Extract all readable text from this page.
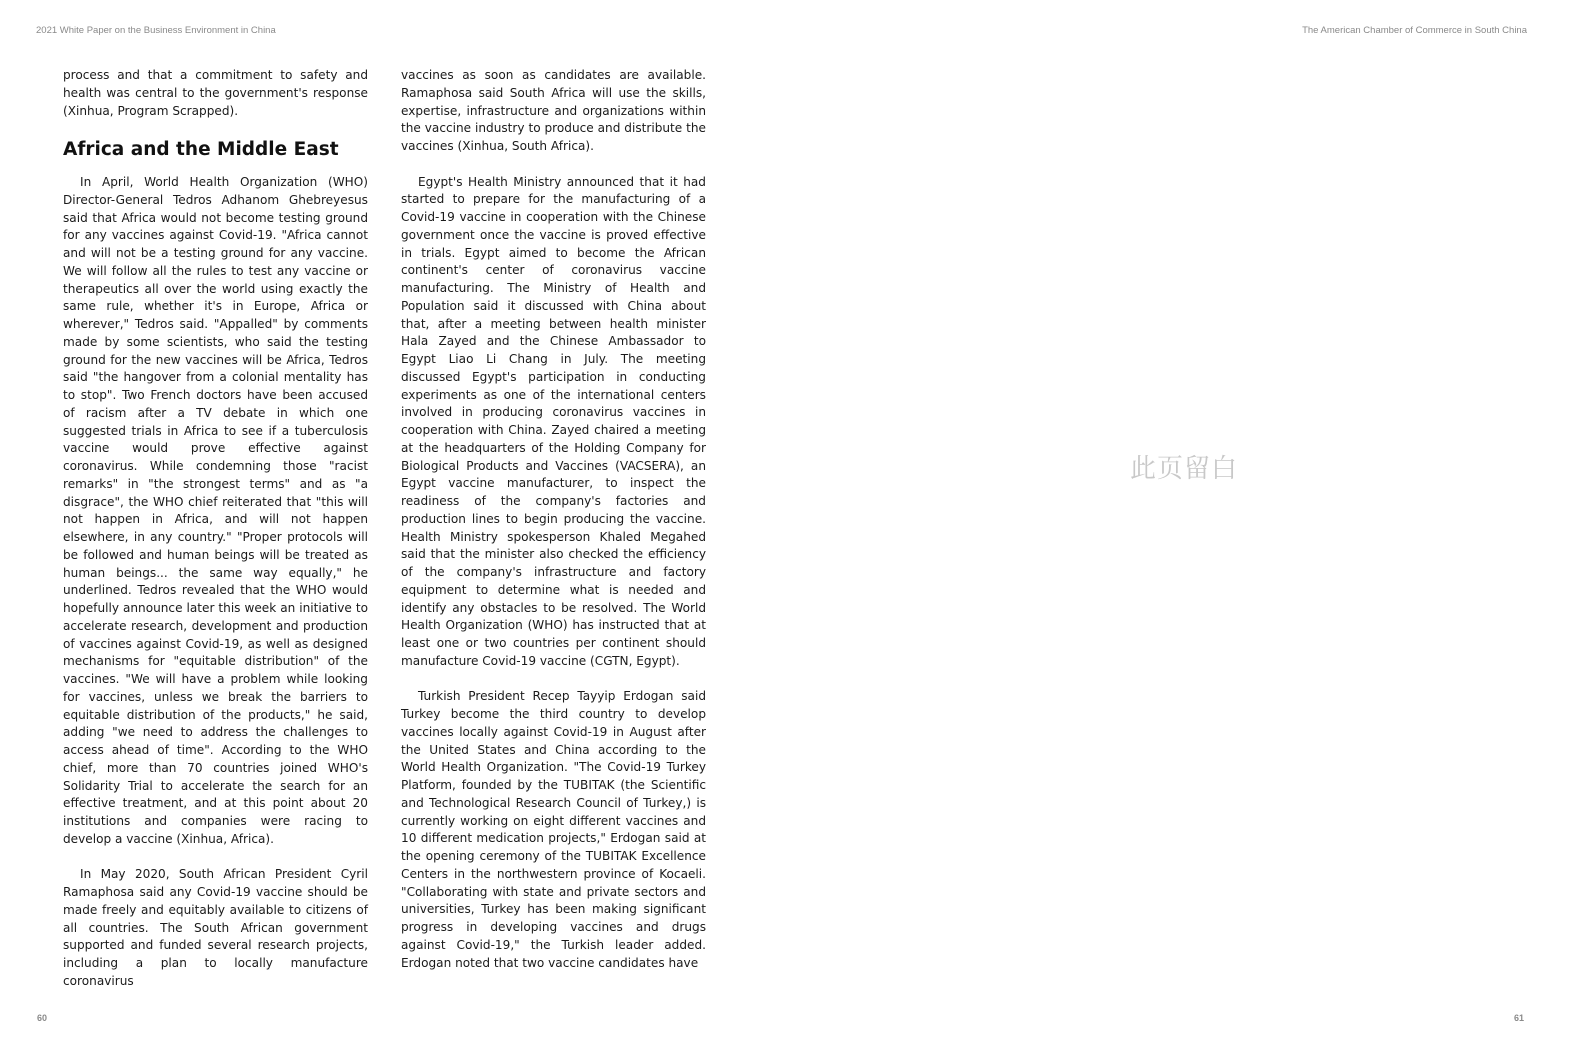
2021 White Paper on the Business Environment in China	The American Chamber of Commerce in South China

process and that a commitment to safety and health was central to the government's response (Xinhua, Program Scrapped).

Africa and the Middle East

In April, World Health Organization (WHO) Director-General Tedros Adhanom Ghebreyesus said that Africa would not become testing ground for any vaccines against Covid-19. "Africa cannot and will not be a testing ground for any vaccine. We will follow all the rules to test any vaccine or therapeutics all over the world using exactly the same rule, whether it's in Europe, Africa or wherever," Tedros said. "Appalled" by comments made by some scientists, who said the testing ground for the new vaccines will be Africa, Tedros said "the hangover from a colonial mentality has to stop". Two French doctors have been accused of racism after a TV debate in which one suggested trials in Africa to see if a tuberculosis vaccine would prove effective against coronavirus. While condemning those "racist remarks" in "the strongest terms" and as "a disgrace", the WHO chief reiterated that "this will not happen in Africa, and will not happen elsewhere, in any country." "Proper protocols will be followed and human beings will be treated as human beings... the same way equally," he underlined. Tedros revealed that the WHO would hopefully announce later this week an initiative to accelerate research, development and production of vaccines against Covid-19, as well as designed mechanisms for "equitable distribution" of the vaccines. "We will have a problem while looking for vaccines, unless we break the barriers to equitable distribution of the products," he said, adding "we need to address the challenges to access ahead of time". According to the WHO chief, more than 70 countries joined WHO's Solidarity Trial to accelerate the search for an effective treatment, and at this point about 20 institutions and companies were racing to develop a vaccine (Xinhua, Africa).

In May 2020, South African President Cyril Ramaphosa said any Covid-19 vaccine should be made freely and equitably available to citizens of all countries. The South African government supported and funded several research projects, including a plan to locally manufacture coronavirus

vaccines as soon as candidates are available. Ramaphosa said South Africa will use the skills, expertise, infrastructure and organizations within the vaccine industry to produce and distribute the vaccines (Xinhua, South Africa).

Egypt's Health Ministry announced that it had started to prepare for the manufacturing of a Covid-19 vaccine in cooperation with the Chinese government once the vaccine is proved effective in trials. Egypt aimed to become the African continent's center of coronavirus vaccine manufacturing. The Ministry of Health and Population said it discussed with China about that, after a meeting between health minister Hala Zayed and the Chinese Ambassador to Egypt Liao Li Chang in July. The meeting discussed Egypt's participation in conducting experiments as one of the international centers involved in producing coronavirus vaccines in cooperation with China. Zayed chaired a meeting at the headquarters of the Holding Company for Biological Products and Vaccines (VACSERA), an Egypt vaccine manufacturer, to inspect the readiness of the company's factories and production lines to begin producing the vaccine. Health Ministry spokesperson Khaled Megahed said that the minister also checked the efficiency of the company's infrastructure and factory equipment to determine what is needed and identify any obstacles to be resolved. The World Health Organization (WHO) has instructed that at least one or two countries per continent should manufacture Covid-19 vaccine (CGTN, Egypt).

Turkish President Recep Tayyip Erdogan said Turkey become the third country to develop vaccines locally against Covid-19 in August after the United States and China according to the World Health Organization. "The Covid-19 Turkey Platform, founded by the TUBITAK (the Scientific and Technological Research Council of Turkey,) is currently working on eight different vaccines and 10 different medication projects," Erdogan said at the opening ceremony of the TUBITAK Excellence Centers in the northwestern province of Kocaeli. "Collaborating with state and private sectors and universities, Turkey has been making significant progress in developing vaccines and drugs against Covid-19," the Turkish leader added. Erdogan noted that two vaccine candidates have

此页留白
60	61
